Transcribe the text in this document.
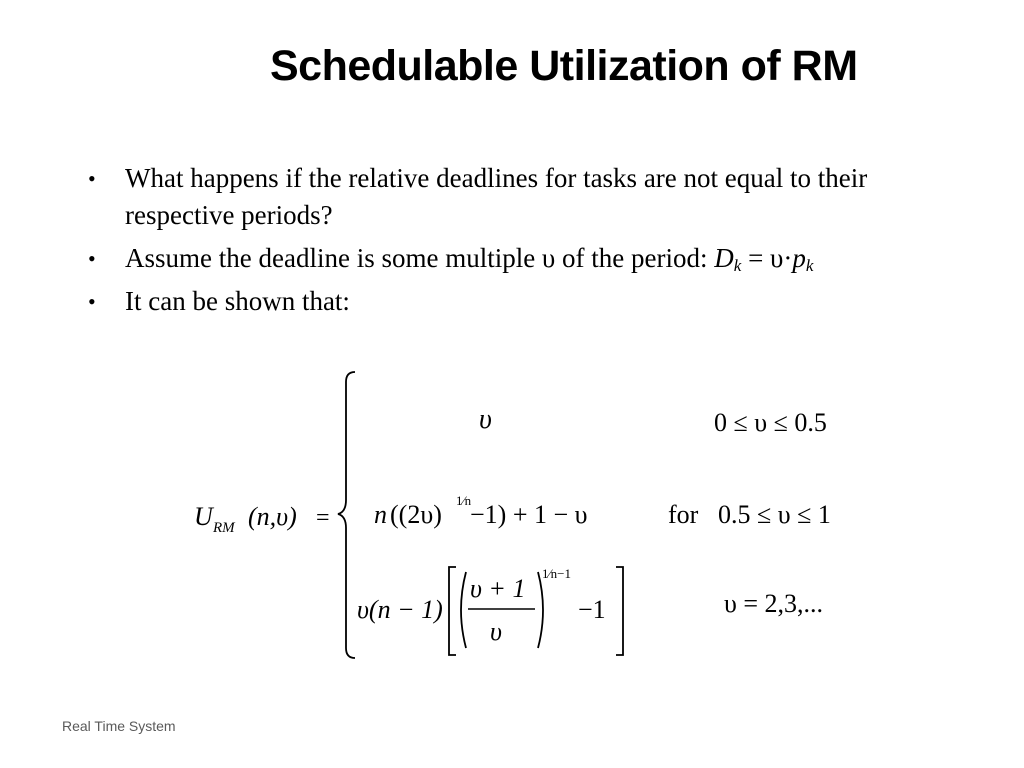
Schedulable Utilization of RM
• What happens if the relative deadlines for tasks are not equal to their respective periods?
• Assume the deadline is some multiple υ of the period: $D_k = \upsilon\cdot p_k$
• It can be shown that:
U RM (n,υ) =
υ	0 ≤ υ ≤ 0.5
n ((2υ) 1⁄n
−1) + 1 − υ	for 0.5 ≤ υ ≤ 1
υ(n − 1)
υ + 1
υ
1⁄n−1
−1	υ = 2,3,...
Real Time System
